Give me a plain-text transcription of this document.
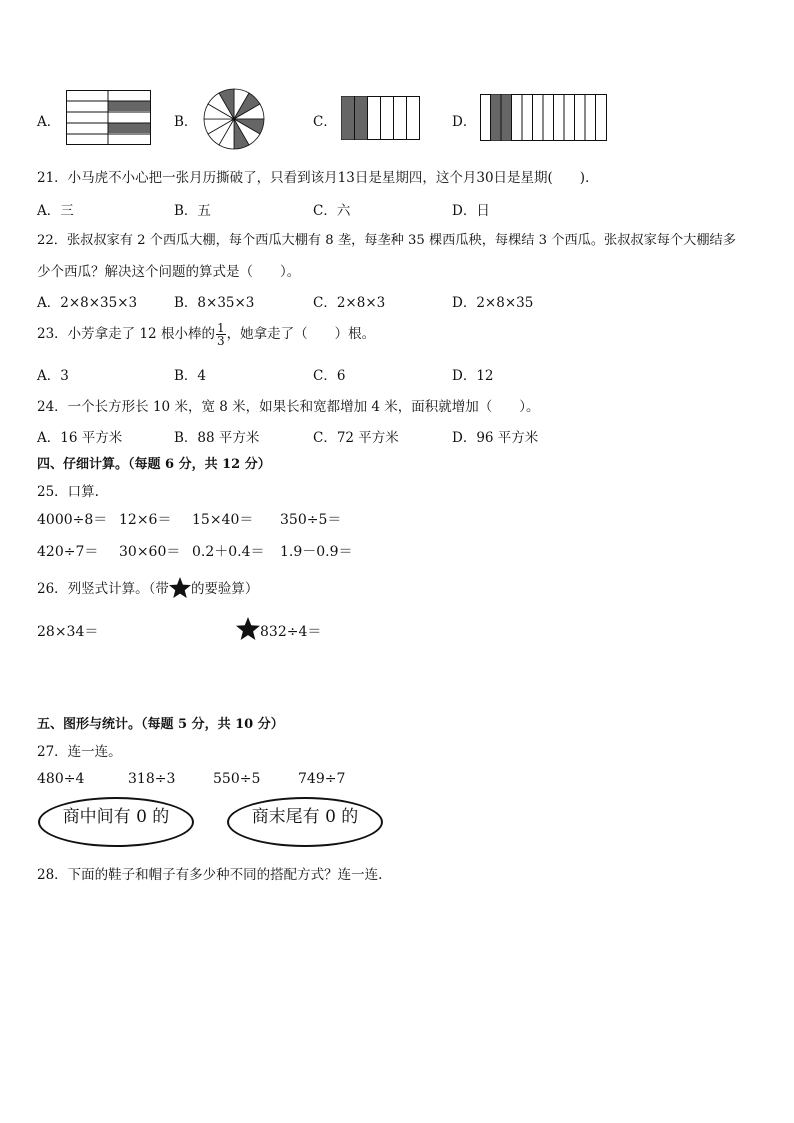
A．	B．	C．	D．
21．小马虎不小心把一张月历撕破了，只看到该月13日是星期四，这个月30日是星期(　　)．
A．三	B．五	C．六	D．日
22．张叔叔家有 2 个西瓜大棚，每个西瓜大棚有 8 垄，每垄种 35 棵西瓜秧，每棵结 3 个西瓜。张叔叔家每个大棚结多
少个西瓜？解决这个问题的算式是（　　）。
A．2×8×35×3	B．8×35×3	C．2×8×3	D．2×8×35
23．小芳拿走了 12 根小棒的 $\frac{1}{3}$ ，她拿走了（　　）根。
A．3	B．4	C．6	D．12
24．一个长方形长 10 米，宽 8 米，如果长和宽都增加 4 米，面积就增加（　　）。
A．16 平方米	B．88 平方米	C．72 平方米	D．96 平方米
四、仔细计算。（每题 6 分，共 12 分）
25．口算.
4000÷8＝ 12×6＝ 15×40＝ 350÷5＝
420÷7＝ 30×60＝ 0.2＋0.4＝ 1.9－0.9＝
26．列竖式计算。（带 的要验算）
28×34＝	832÷4＝
五、图形与统计。（每题 5 分，共 10 分）
27．连一连。
480÷4	318÷3	550÷5	749÷7
商中间有 0 的	商末尾有 0 的
28．下面的鞋子和帽子有多少种不同的搭配方式？连一连.
